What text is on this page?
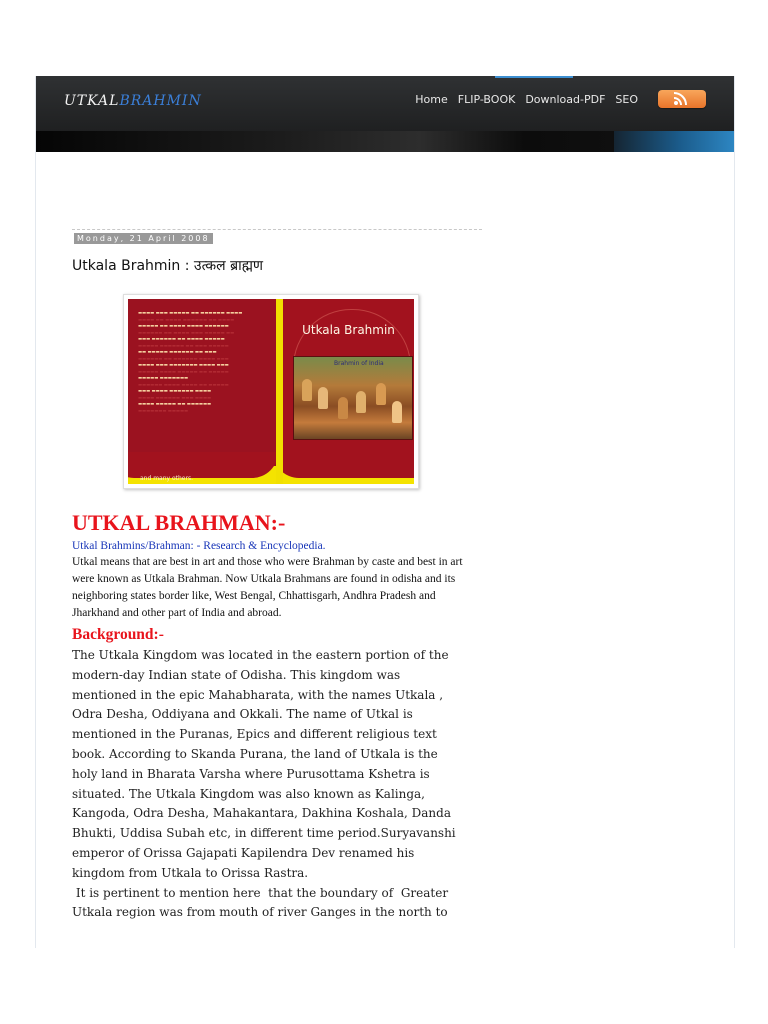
UTKALBRAHMIN	Home FLIP-BOOK Download-PDF SEO
Monday, 21 April 2008
Utkala Brahmin : उत्कल ब्राह्मण
▬▬▬▬ ▬▬▬ ▬▬▬▬▬ ▬▬ ▬▬▬▬▬▬ ▬▬▬▬
▬▬▬▬ ▬▬ ▬▬▬▬ ▬▬▬▬▬▬ ▬▬ ▬▬▬▬
▬▬▬▬▬ ▬▬ ▬▬▬▬ ▬▬▬▬ ▬▬▬▬▬▬
▬▬▬▬▬▬ ▬▬ ▬▬▬▬ ▬▬▬ ▬▬▬▬▬ ▬▬
▬▬▬ ▬▬▬▬▬▬ ▬▬ ▬▬▬▬ ▬▬▬▬▬
▬▬▬▬▬ ▬▬▬▬▬▬ ▬▬ ▬▬▬ ▬▬▬▬▬
▬▬ ▬▬▬▬▬ ▬▬▬▬▬▬ ▬▬ ▬▬▬
▬▬▬▬▬▬ ▬▬ ▬▬▬▬▬▬ ▬▬▬▬ ▬▬▬
▬▬▬▬ ▬▬▬ ▬▬▬▬▬▬▬ ▬▬▬▬ ▬▬▬
▬▬▬▬▬ ▬▬▬▬ ▬▬▬▬▬ ▬▬ ▬▬▬▬▬
▬▬▬▬▬ ▬▬▬▬▬▬▬
▬▬▬▬▬▬ ▬▬▬▬ ▬▬▬▬ ▬▬ ▬▬▬▬▬
▬▬▬ ▬▬▬▬ ▬▬▬▬▬▬ ▬▬▬▬
▬▬▬▬ ▬▬▬▬▬▬ ▬▬▬ ▬▬▬▬
▬▬▬▬ ▬▬▬▬▬ ▬▬ ▬▬▬▬▬▬
▬▬▬▬▬▬▬ ▬▬▬▬▬
and many others.
Utkala Brahmin
Brahmin of India
UTKAL BRAHMAN:-
Utkal Brahmins/Brahman: - Research & Encyclopedia.
Utkal means that are best in art and those who were Brahman by caste and best in art were known as Utkala Brahman. Now Utkala Brahmans are found in odisha and its neighboring states border like, West Bengal, Chhattisgarh, Andhra Pradesh and Jharkhand and other part of India and abroad.
Background:-
The Utkala Kingdom was located in the eastern portion of the modern-day Indian state of Odisha. This kingdom was mentioned in the epic Mahabharata, with the names Utkala , Odra Desha, Oddiyana and Okkali. The name of Utkal is mentioned in the Puranas, Epics and different religious text book. According to Skanda Purana, the land of Utkala is the holy land in Bharata Varsha where Purusottama Kshetra is situated. The Utkala Kingdom was also known as Kalinga, Kangoda, Odra Desha, Mahakantara, Dakhina Koshala, Danda Bhukti, Uddisa Subah etc, in different time period.Suryavanshi emperor of Orissa Gajapati Kapilendra Dev renamed his kingdom from Utkala to Orissa Rastra.
It is pertinent to mention here  that the boundary of  Greater Utkala region was from mouth of river Ganges in the north to
